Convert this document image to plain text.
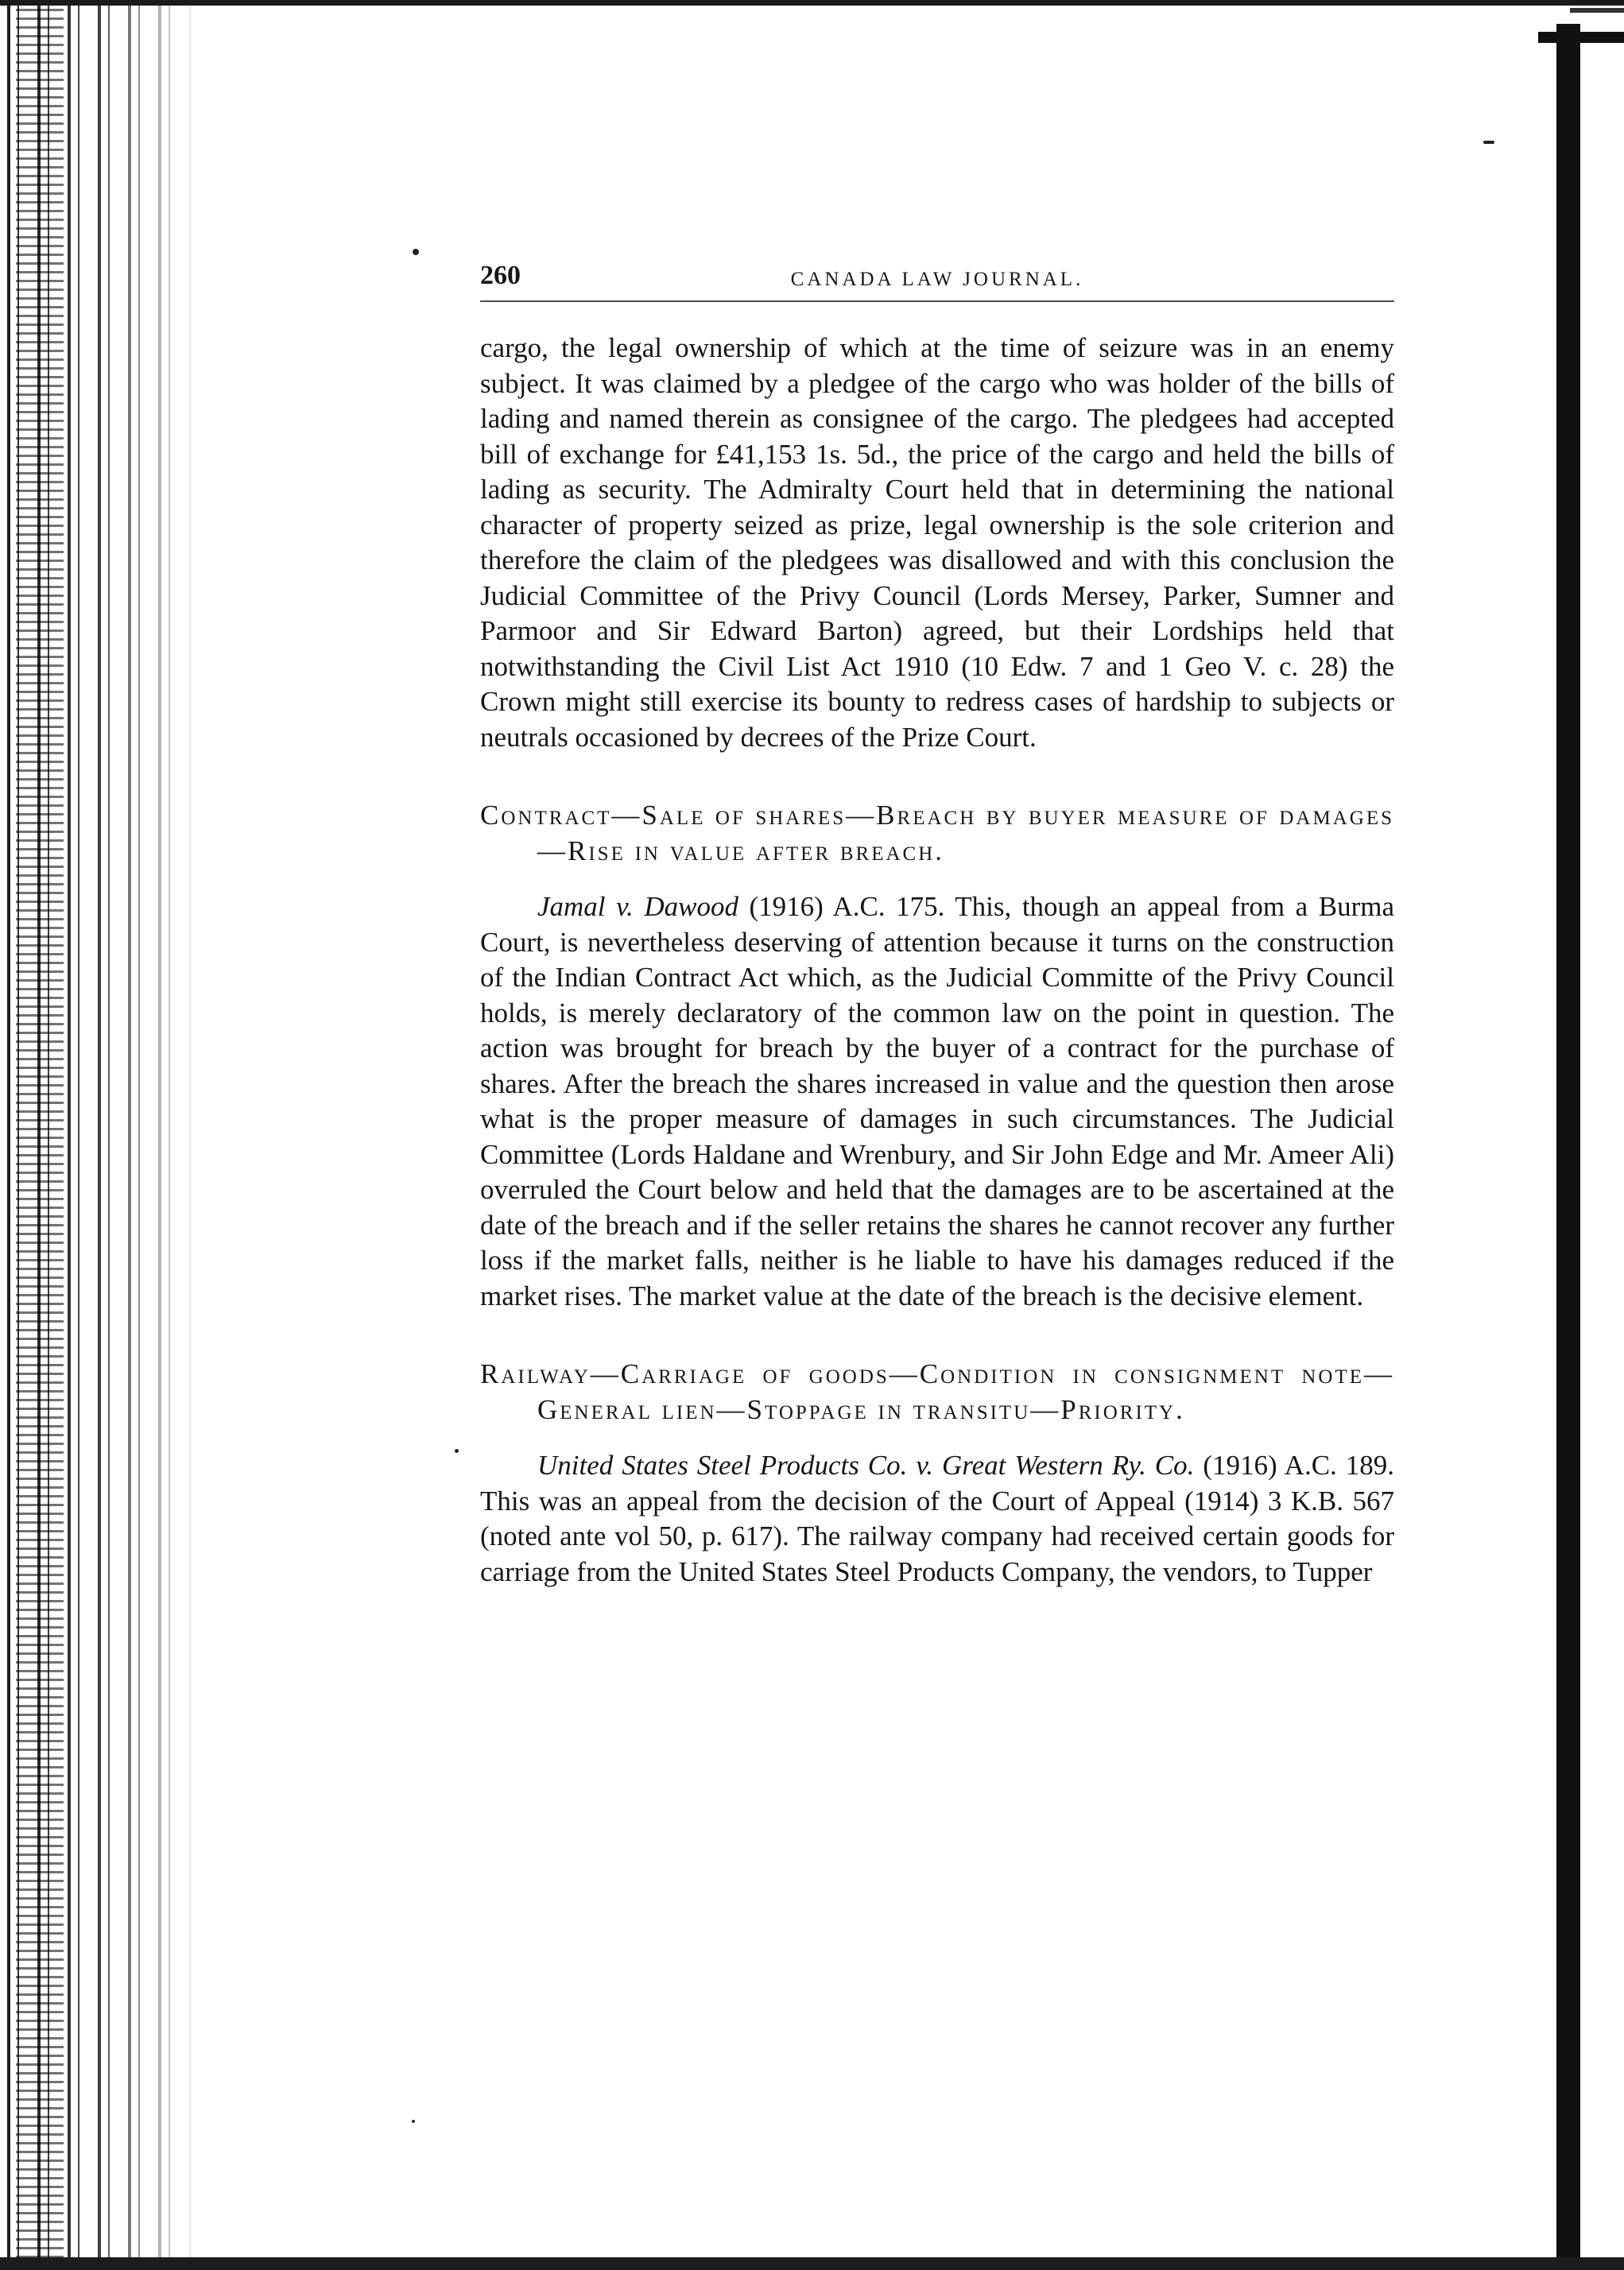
260	CANADA LAW JOURNAL.

cargo, the legal ownership of which at the time of seizure was in an enemy subject. It was claimed by a pledgee of the cargo who was holder of the bills of lading and named therein as consignee of the cargo. The pledgees had accepted bill of exchange for £41,153 1s. 5d., the price of the cargo and held the bills of lading as security. The Admiralty Court held that in determining the national character of property seized as prize, legal ownership is the sole criterion and therefore the claim of the pledgees was disallowed and with this conclusion the Judicial Committee of the Privy Council (Lords Mersey, Parker, Sumner and Parmoor and Sir Edward Barton) agreed, but their Lordships held that notwithstanding the Civil List Act 1910 (10 Edw. 7 and 1 Geo V. c. 28) the Crown might still exercise its bounty to redress cases of hardship to subjects or neutrals occasioned by decrees of the Prize Court.

Contract—Sale of shares—Breach by buyer measure of damages—Rise in value after breach.

Jamal v. Dawood (1916) A.C. 175. This, though an appeal from a Burma Court, is nevertheless deserving of attention because it turns on the construction of the Indian Contract Act which, as the Judicial Committe of the Privy Council holds, is merely declaratory of the common law on the point in question. The action was brought for breach by the buyer of a contract for the purchase of shares. After the breach the shares increased in value and the question then arose what is the proper measure of damages in such circumstances. The Judicial Committee (Lords Haldane and Wrenbury, and Sir John Edge and Mr. Ameer Ali) overruled the Court below and held that the damages are to be ascertained at the date of the breach and if the seller retains the shares he cannot recover any further loss if the market falls, neither is he liable to have his damages reduced if the market rises. The market value at the date of the breach is the decisive element.

Railway—Carriage of goods—Condition in consignment note—General lien—Stoppage in transitu—Priority.

United States Steel Products Co. v. Great Western Ry. Co. (1916) A.C. 189. This was an appeal from the decision of the Court of Appeal (1914) 3 K.B. 567 (noted ante vol 50, p. 617). The railway company had received certain goods for carriage from the United States Steel Products Company, the vendors, to Tupper
